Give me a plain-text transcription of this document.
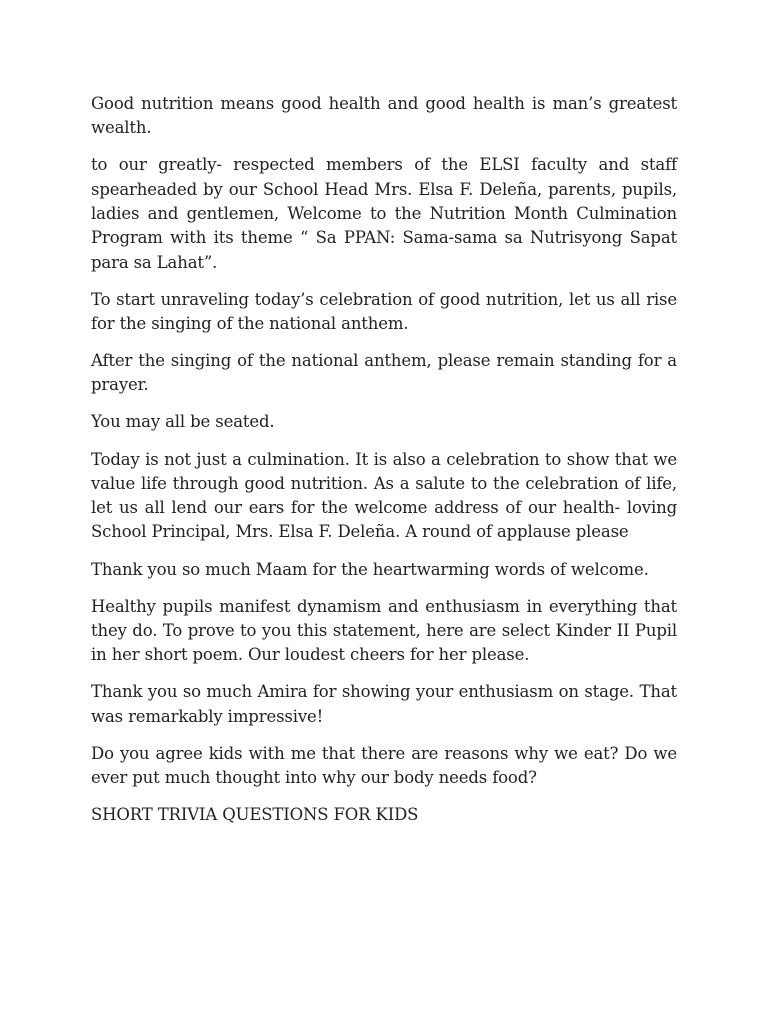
Good nutrition means good health and good health is man’s greatest wealth.

to our greatly- respected members of the ELSI faculty and staff spearheaded by our School Head Mrs. Elsa F. Deleña, parents, pupils, ladies and gentlemen, Welcome to the Nutrition Month Culmination Program with its theme “ Sa PPAN: Sama-sama sa Nutrisyong Sapat para sa Lahat”.

To start unraveling today’s celebration of good nutrition, let us all rise for the singing of the national anthem.

After the singing of the national anthem, please remain standing for a prayer.

You may all be seated.

Today is not just a culmination. It is also a celebration to show that we value life through good nutrition. As a salute to the celebration of life, let us all lend our ears for the welcome address of our health- loving School Principal, Mrs. Elsa F. Deleña. A round of applause please

Thank you so much Maam for the heartwarming words of welcome.

Healthy pupils manifest dynamism and enthusiasm in everything that they do. To prove to you this statement, here are select Kinder II Pupil in her short poem. Our loudest cheers for her please.

Thank you so much Amira for showing your enthusiasm on stage. That was remarkably impressive!

Do you agree kids with me that there are reasons why we eat? Do we ever put much thought into why our body needs food?

SHORT TRIVIA QUESTIONS FOR KIDS
